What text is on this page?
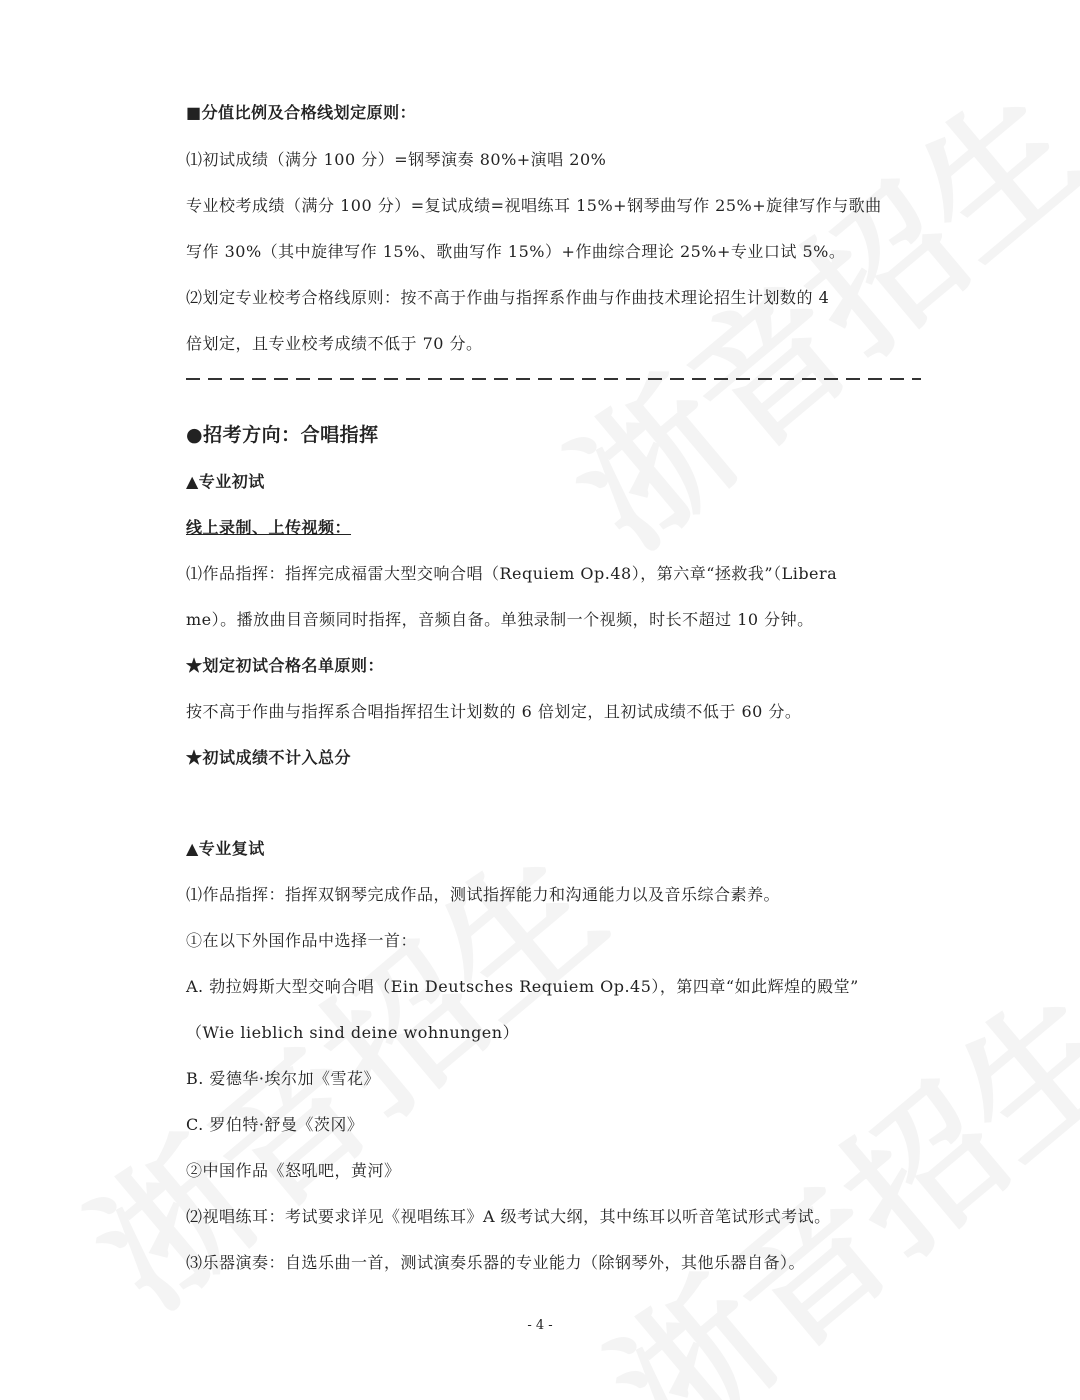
■分值比例及合格线划定原则：
⑴初试成绩（满分 100 分）=钢琴演奏 80%+演唱 20%
专业校考成绩（满分 100 分）=复试成绩=视唱练耳 15%+钢琴曲写作 25%+旋律写作与歌曲
写作 30%（其中旋律写作 15%、歌曲写作 15%）+作曲综合理论 25%+专业口试 5%。
⑵划定专业校考合格线原则：按不高于作曲与指挥系作曲与作曲技术理论招生计划数的 4
倍划定，且专业校考成绩不低于 70 分。
●招考方向：合唱指挥
▲专业初试
线上录制、上传视频：
⑴作品指挥：指挥完成福雷大型交响合唱（Requiem Op.48），第六章“拯救我”（Libera
me）。播放曲目音频同时指挥，音频自备。单独录制一个视频，时长不超过 10 分钟。
★划定初试合格名单原则：
按不高于作曲与指挥系合唱指挥招生计划数的 6 倍划定，且初试成绩不低于 60 分。
★初试成绩不计入总分
▲专业复试
⑴作品指挥：指挥双钢琴完成作品，测试指挥能力和沟通能力以及音乐综合素养。
①在以下外国作品中选择一首：
A. 勃拉姆斯大型交响合唱（Ein Deutsches Requiem Op.45），第四章“如此辉煌的殿堂”
（Wie lieblich sind deine wohnungen）
B. 爱德华·埃尔加《雪花》
C. 罗伯特·舒曼《茨冈》
②中国作品《怒吼吧，黄河》
⑵视唱练耳：考试要求详见《视唱练耳》A 级考试大纲，其中练耳以听音笔试形式考试。
⑶乐器演奏：自选乐曲一首，测试演奏乐器的专业能力（除钢琴外，其他乐器自备）。
- 4 -
